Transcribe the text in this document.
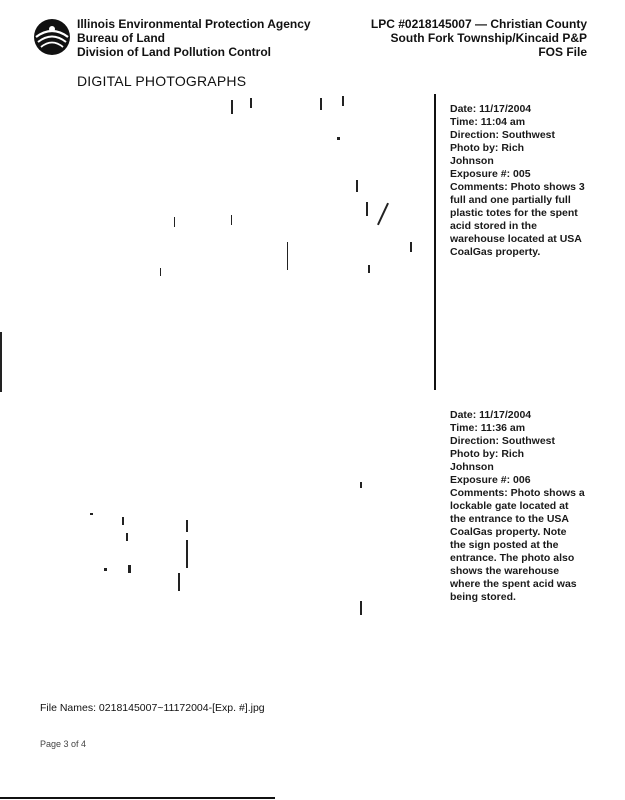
Illinois Environmental Protection Agency
Bureau of Land
Division of Land Pollution Control
LPC #0218145007 — Christian County
South Fork Township/Kincaid P&P
FOS File
DIGITAL PHOTOGRAPHS
Date: 11/17/2004
Time: 11:04 am
Direction: Southwest
Photo by: Rich
Johnson
Exposure #: 005
Comments: Photo shows 3 full and one partially full plastic totes for the spent acid stored in the warehouse located at USA CoalGas property.
Date: 11/17/2004
Time: 11:36 am
Direction: Southwest
Photo by: Rich
Johnson
Exposure #: 006
Comments: Photo shows a lockable gate located at the entrance to the USA CoalGas property. Note the sign posted at the entrance. The photo also shows the warehouse where the spent acid was being stored.
File Names: 0218145007~11172004-[Exp. #].jpg
Page 3 of 4
